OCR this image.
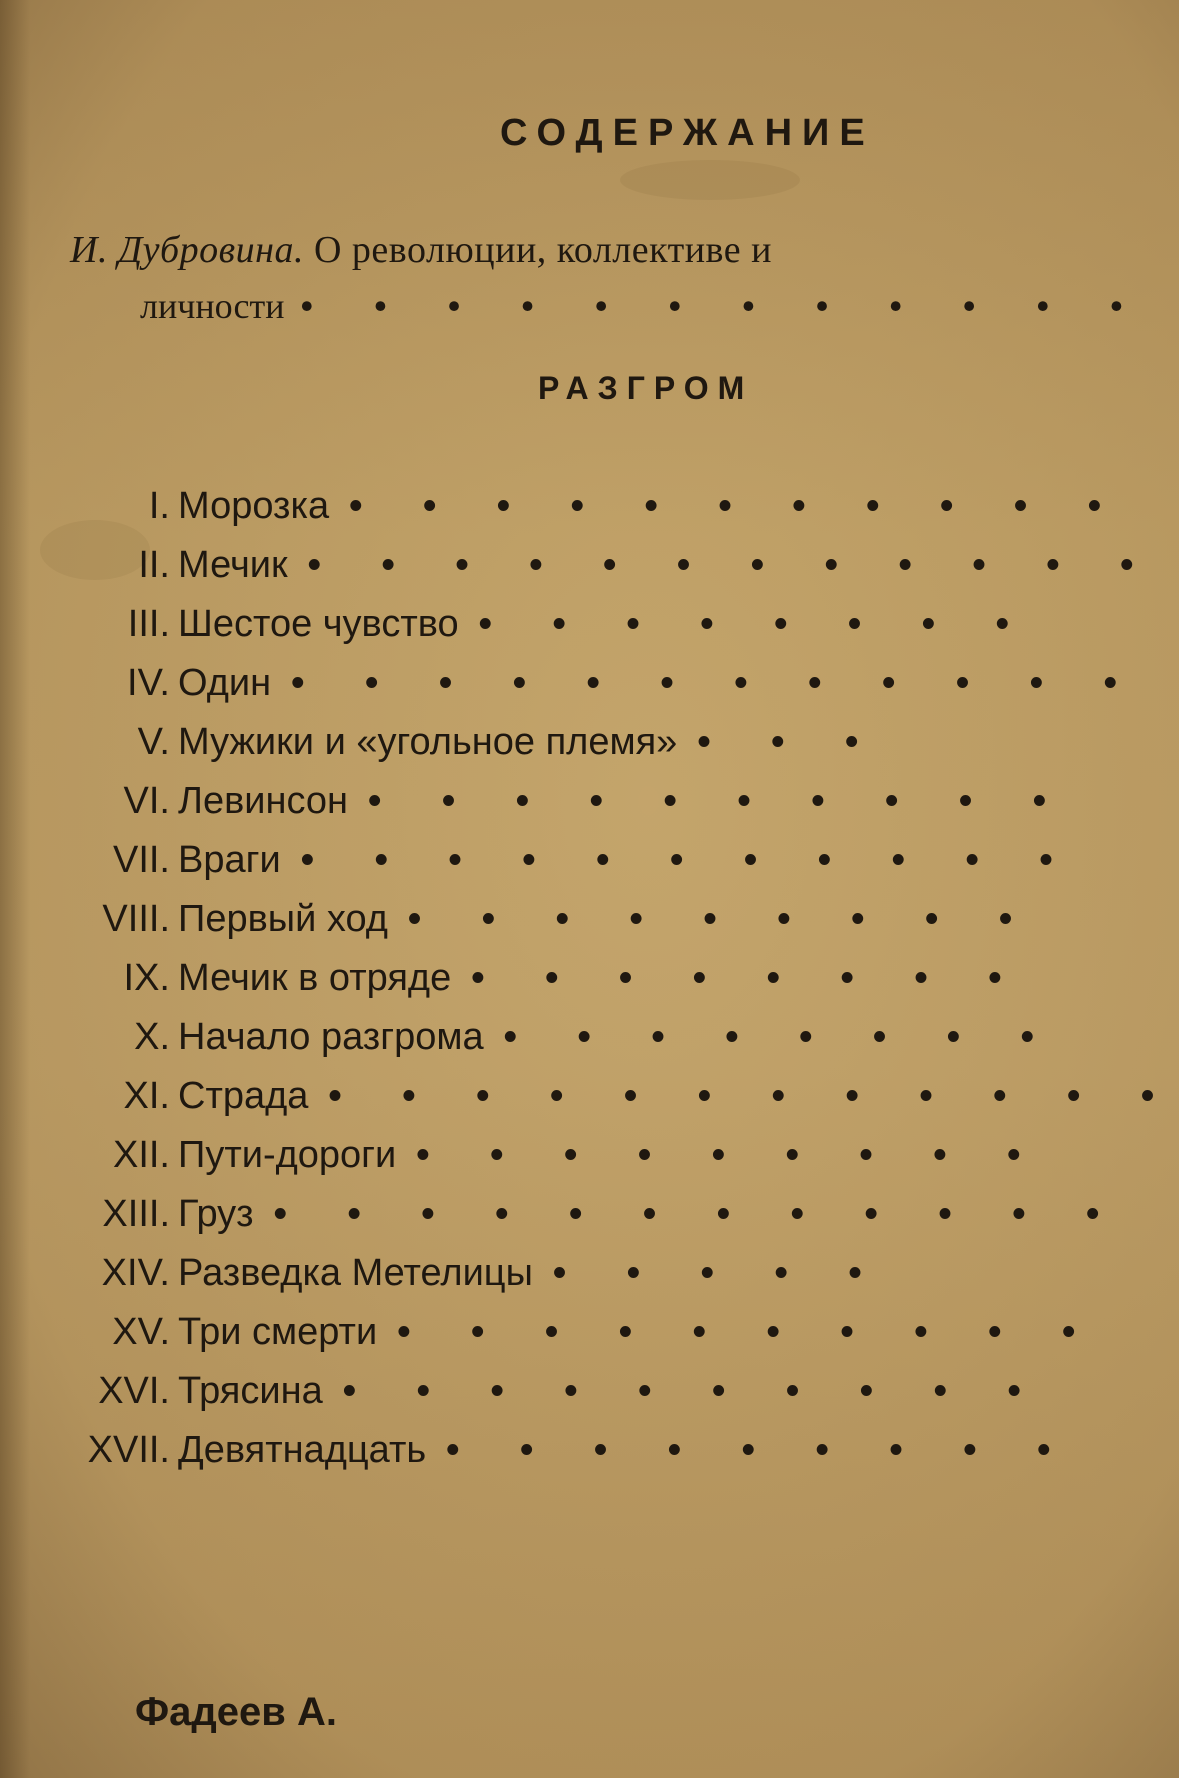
СОДЕРЖАНИЕ
И. Дубровина. О революции, коллективе и
личности • • • • • • • • • • • •
РАЗГРОМ
I. Морозка • • • • • • • • • • •
II. Мечик • • • • • • • • • • • •
III. Шестое чувство • • • • • • • •
IV. Один • • • • • • • • • • • •
V. Мужики и «угольное племя» • • •
VI. Левинсон • • • • • • • • • •
VII. Враги • • • • • • • • • • •
VIII. Первый ход • • • • • • • • •
IX. Мечик в отряде • • • • • • • •
X. Начало разгрома • • • • • • • •
XI. Страда • • • • • • • • • • • •
XII. Пути-дороги • • • • • • • • •
XIII. Груз • • • • • • • • • • • •
XIV. Разведка Метелицы • • • • •
XV. Три смерти • • • • • • • • • •
XVI. Трясина • • • • • • • • • •
XVII. Девятнадцать • • • • • • • • •
Фадеев А.
